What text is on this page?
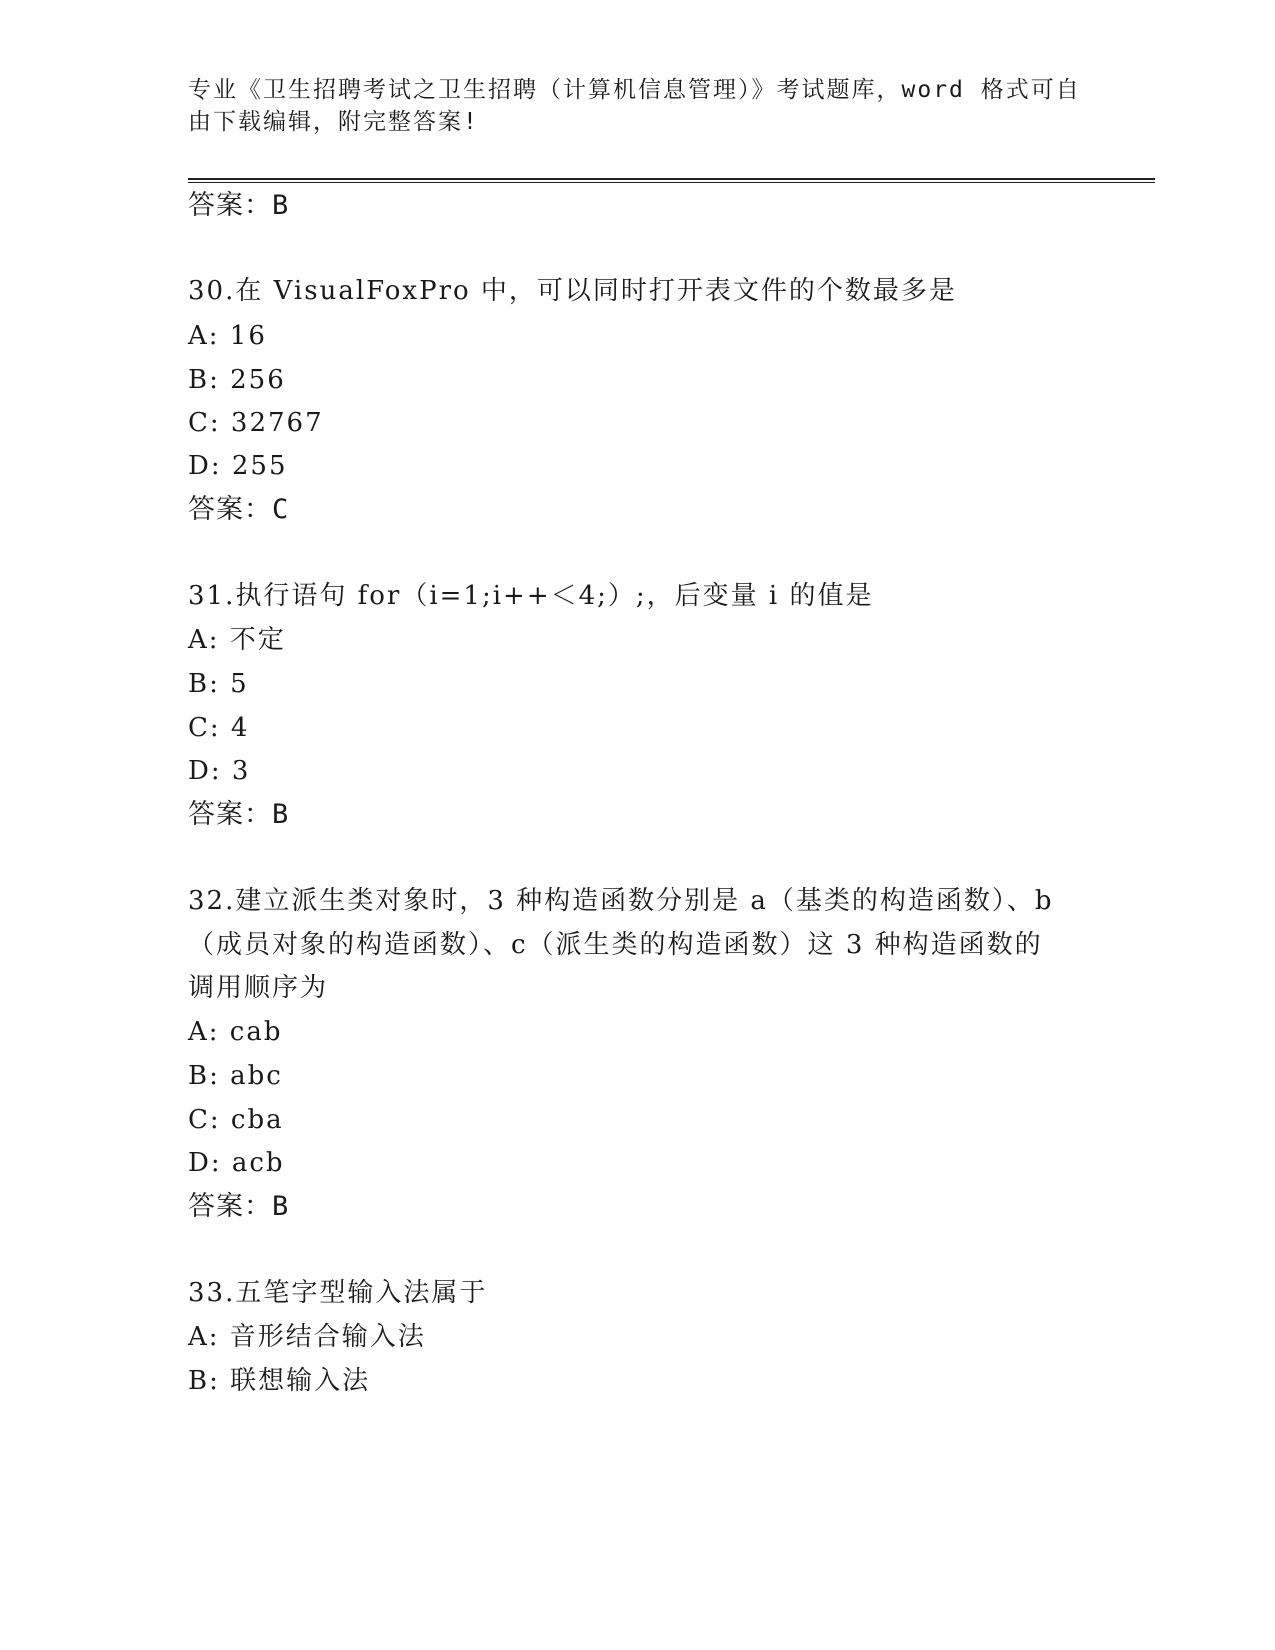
专业《卫生招聘考试之卫生招聘（计算机信息管理）》考试题库，word 格式可自由下载编辑，附完整答案!
答案：B
30.在 VisualFoxPro 中，可以同时打开表文件的个数最多是
A: 16
B: 256
C: 32767
D: 255
答案：C
31.执行语句 for（i=1;i++＜4;）;，后变量 i 的值是
A: 不定
B: 5
C: 4
D: 3
答案：B
32.建立派生类对象时，3 种构造函数分别是 a（基类的构造函数）、b
（成员对象的构造函数）、c（派生类的构造函数）这 3 种构造函数的
调用顺序为
A: cab
B: abc
C: cba
D: acb
答案：B
33.五笔字型输入法属于
A: 音形结合输入法
B: 联想输入法
